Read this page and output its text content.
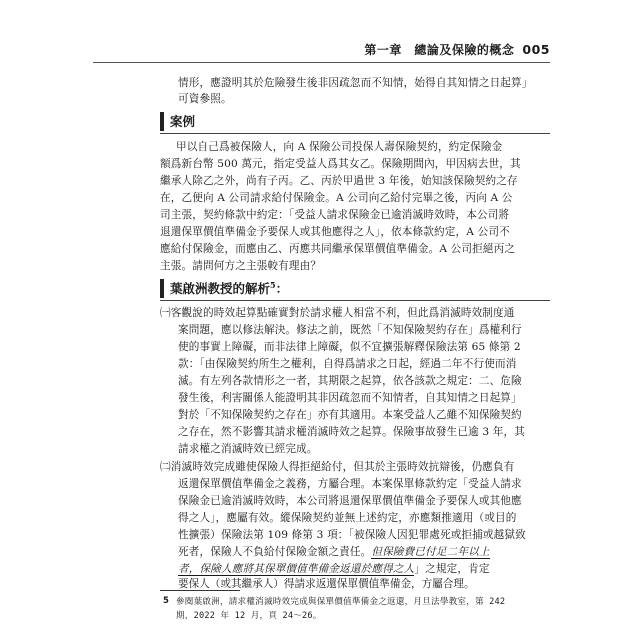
第一章　總論及保險的概念 005
情形，應證明其於危險發生後非因疏忽而不知情，始得自其知情之日起算」
可資參照。
案例
甲以自己爲被保險人，向 A 保險公司投保人壽保險契約，約定保險金
額爲新台幣 500 萬元，指定受益人爲其女乙。保險期間內，甲因病去世，其
繼承人除乙之外，尚有子丙。乙、丙於甲過世 3 年後，始知該保險契約之存
在，乙便向 A 公司請求給付保險金。A 公司向乙給付完畢之後，丙向 A 公
司主張，契約條款中約定：「受益人請求保險金已逾消滅時效時，本公司將
退還保單價值準備金予要保人或其他應得之人」，依本條款約定，A 公司不
應給付保險金，而應由乙、丙應共同繼承保單價值準備金。A 公司拒絕丙之
主張。請問何方之主張較有理由？
葉啟洲教授的解析$^5$：
㈠客觀說的時效起算點確實對於請求權人相當不利，但此爲消滅時效制度通
案問題，應以修法解決。修法之前，既然「不知保險契約存在」爲權利行
使的事實上障礙，而非法律上障礙，似不宜擴張解釋保險法第 65 條第 2
款：「由保險契約所生之權利，自得爲請求之日起，經過二年不行使而消
滅。有左列各款情形之一者，其期限之起算，依各該款之規定：二、危險
發生後，利害關係人能證明其非因疏忽而不知情者，自其知情之日起算」
對於「不知保險契約之存在」亦有其適用。本案受益人乙雖不知保險契約
之存在，然不影響其請求權消滅時效之起算。保險事故發生已逾 3 年，其
請求權之消滅時效已經完成。
㈡消滅時效完成雖使保險人得拒絕給付，但其於主張時效抗辯後，仍應負有
返還保單價值準備金之義務，方屬合理。本案保單條款約定「受益人請求
保險金已逾消滅時效時，本公司將退還保單價值準備金予要保人或其他應
得之人」，應屬有效。縱保險契約並無上述約定，亦應類推適用（或目的
性擴張）保險法第 109 條第 3 項：「被保險人因犯罪處死或拒捕或越獄致
死者，保險人不負給付保險金額之責任。但保險費已付足二年以上
者，保險人應將其保單價值準備金返還於應得之人」之規定，肯定
5 參閱葉啟洲，請求權消滅時效完成與保單價值準備金之返還，月旦法學教室，第 242
期，2022 年 12 月，頁 24～26。
要保人（或其繼承人）得請求返還保單價值準備金，方屬合理。
